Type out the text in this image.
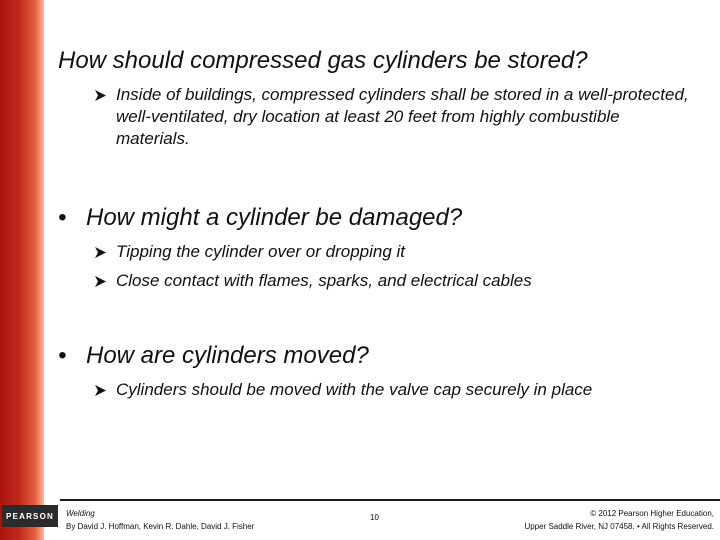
How should compressed gas cylinders be stored?
Inside of buildings, compressed cylinders shall be stored in a well-protected, well-ventilated, dry location at least 20 feet from highly combustible materials.
• How might a cylinder be damaged?
Tipping the cylinder over or dropping it
Close contact with flames, sparks, and electrical cables
• How are cylinders moved?
Cylinders should be moved with the valve cap securely in place
PEARSON	Welding
By David J. Hoffman, Kevin R. Dahle, David J. Fisher
10	© 2012 Pearson Higher Education,
Upper Saddle River, NJ 07458. • All Rights Reserved.
